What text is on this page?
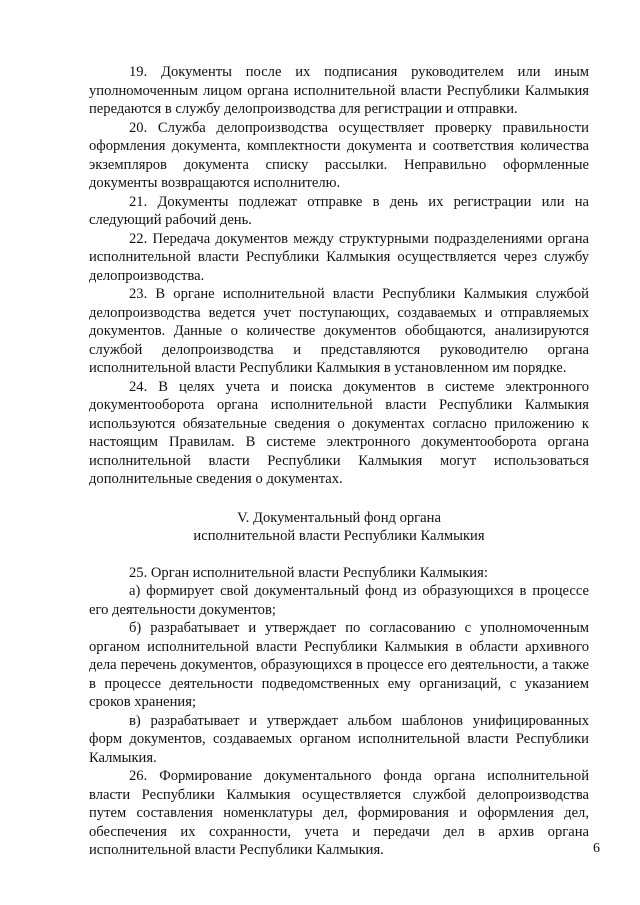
19. Документы после их подписания руководителем или иным уполномоченным лицом органа исполнительной власти Республики Калмыкия передаются в службу делопроизводства для регистрации и отправки.

20. Служба делопроизводства осуществляет проверку правильности оформления документа, комплектности документа и соответствия количества экземпляров документа списку рассылки. Неправильно оформленные документы возвращаются исполнителю.

21. Документы подлежат отправке в день их регистрации или на следующий рабочий день.

22. Передача документов между структурными подразделениями органа исполнительной власти Республики Калмыкия осуществляется через службу делопроизводства.

23. В органе исполнительной власти Республики Калмыкия службой делопроизводства ведется учет поступающих, создаваемых и отправляемых документов. Данные о количестве документов обобщаются, анализируются службой делопроизводства и представляются руководителю органа исполнительной власти Республики Калмыкия в установленном им порядке.

24. В целях учета и поиска документов в системе электронного документооборота органа исполнительной власти Республики Калмыкия используются обязательные сведения о документах согласно приложению к настоящим Правилам. В системе электронного документооборота органа исполнительной власти Республики Калмыкия могут использоваться дополнительные сведения о документах.

V. Документальный фонд органа
исполнительной власти Республики Калмыкия

25. Орган исполнительной власти Республики Калмыкия:

а) формирует свой документальный фонд из образующихся в процессе его деятельности документов;

б) разрабатывает и утверждает по согласованию с уполномоченным органом исполнительной власти Республики Калмыкия в области архивного дела перечень документов, образующихся в процессе его деятельности, а также в процессе деятельности подведомственных ему организаций, с указанием сроков хранения;

в) разрабатывает и утверждает альбом шаблонов унифицированных форм документов, создаваемых органом исполнительной власти Республики Калмыкия.

26. Формирование документального фонда органа исполнительной власти Республики Калмыкия осуществляется службой делопроизводства путем составления номенклатуры дел, формирования и оформления дел, обеспечения их сохранности, учета и передачи дел в архив органа исполнительной власти Республики Калмыкия.	6
